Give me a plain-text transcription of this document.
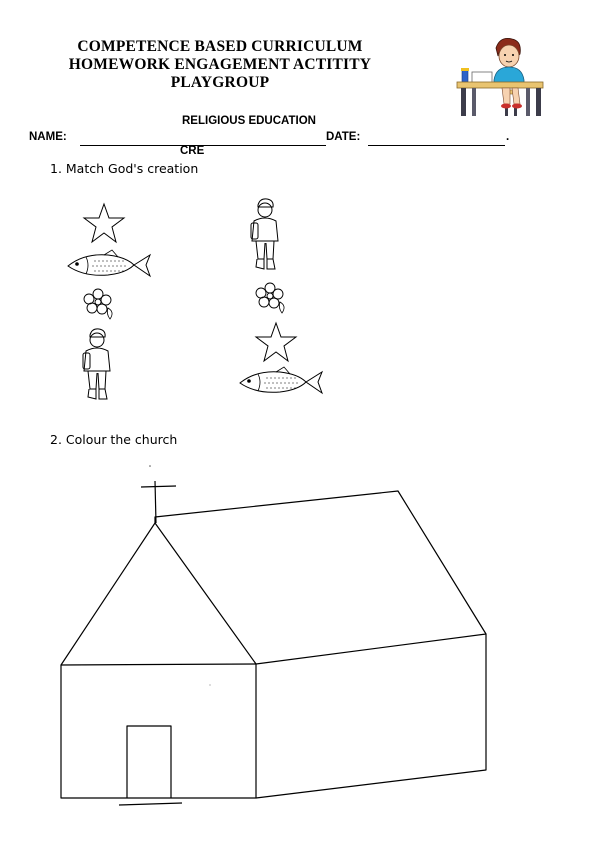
COMPETENCE BASED CURRICULUM
HOMEWORK ENGAGEMENT ACTITITY
PLAYGROUP
RELIGIOUS EDUCATION
NAME:	DATE:	.
CRE
1. Match God's creation
2. Colour the church
